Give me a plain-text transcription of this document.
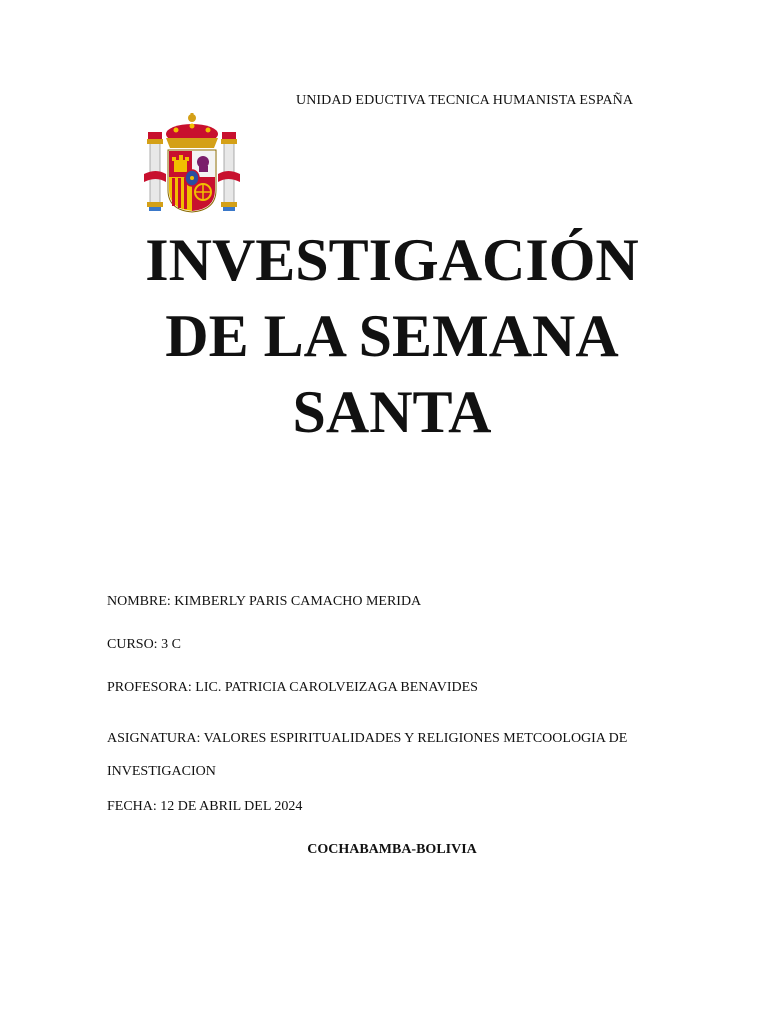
UNIDAD EDUCTIVA TECNICA HUMANISTA ESPAÑA
INVESTIGACIÓN
DE LA SEMANA
SANTA
NOMBRE: KIMBERLY PARIS CAMACHO MERIDA
CURSO: 3 C
PROFESORA: LIC. PATRICIA CAROLVEIZAGA BENAVIDES
ASIGNATURA: VALORES ESPIRITUALIDADES Y RELIGIONES METCOOLOGIA DE INVESTIGACION
FECHA: 12 DE ABRIL DEL 2024
COCHABAMBA-BOLIVIA
